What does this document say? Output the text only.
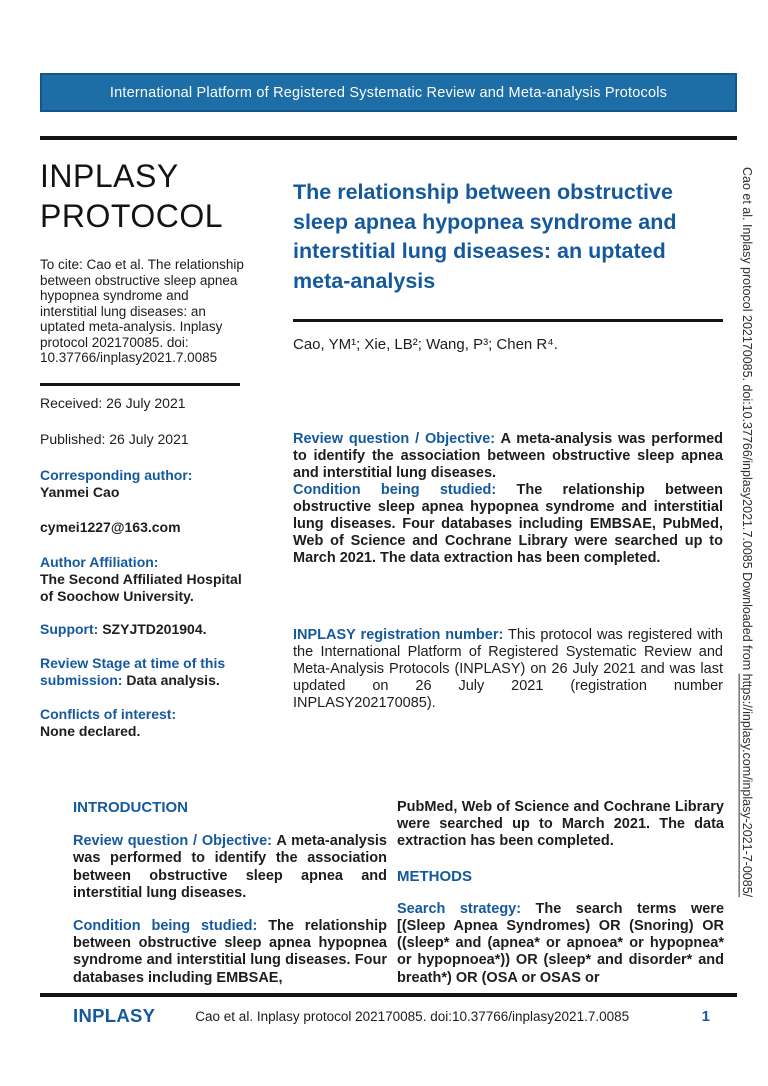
International Platform of Registered Systematic Review and Meta-analysis Protocols
INPLASY
PROTOCOL

To cite: Cao et al. The relationship between obstructive sleep apnea hypopnea syndrome and interstitial lung diseases: an uptated meta-analysis. Inplasy protocol 202170085. doi: 10.37766/inplasy2021.7.0085

Received: 26 July 2021

Published: 26 July 2021

Corresponding author:
Yanmei Cao

cymei1227@163.com

Author Affiliation:
The Second Affiliated Hospital of Soochow University.

Support: SZYJTD201904.

Review Stage at time of this submission: Data analysis.

Conflicts of interest:
None declared.

The relationship between obstructive sleep apnea hypopnea syndrome and interstitial lung diseases: an uptated meta-analysis

Cao, YM¹; Xie, LB²; Wang, P³; Chen R⁴.

Review question / Objective: A meta-analysis was performed to identify the association between obstructive sleep apnea and interstitial lung diseases.

Condition being studied: The relationship between obstructive sleep apnea hypopnea syndrome and interstitial lung diseases. Four databases including EMBSAE, PubMed, Web of Science and Cochrane Library were searched up to March 2021. The data extraction has been completed.

INPLASY registration number: This protocol was registered with the International Platform of Registered Systematic Review and Meta-Analysis Protocols (INPLASY) on 26 July 2021 and was last updated on 26 July 2021 (registration number INPLASY202170085).

INTRODUCTION

Review question / Objective: A meta-analysis was performed to identify the association between obstructive sleep apnea and interstitial lung diseases.

Condition being studied: The relationship between obstructive sleep apnea hypopnea syndrome and interstitial lung diseases. Four databases including EMBSAE,

PubMed, Web of Science and Cochrane Library were searched up to March 2021. The data extraction has been completed.

METHODS

Search strategy: The search terms were [(Sleep Apnea Syndromes) OR (Snoring) OR ((sleep* and (apnea* or apnoea* or hypopnea* or hypopnoea*)) OR (sleep* and disorder* and breath*) OR (OSA or OSAS or

INPLASY	Cao et al. Inplasy protocol 202170085. doi:10.37766/inplasy2021.7.0085	1
Cao et al. Inplasy protocol 202170085. doi:10.37766/inplasy2021.7.0085 Downloaded from https://inplasy.com/inplasy-2021-7-0085/
